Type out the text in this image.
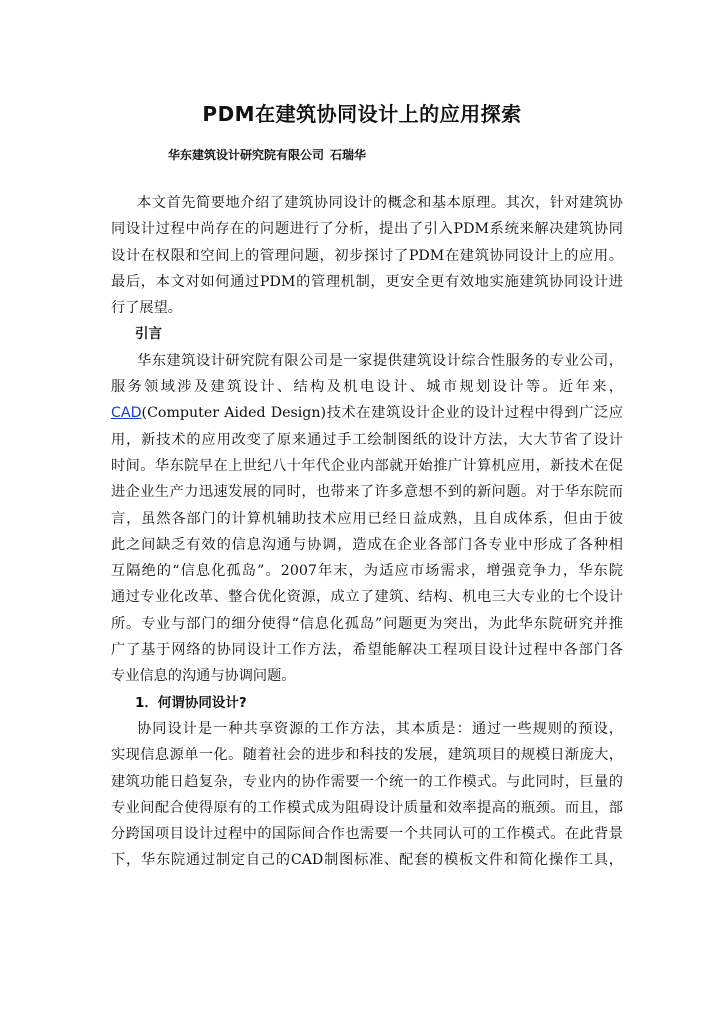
PDM在建筑协同设计上的应用探索
华东建筑设计研究院有限公司 石瑞华
本文首先简要地介绍了建筑协同设计的概念和基本原理。其次，针对建筑协
同设计过程中尚存在的问题进行了分析，提出了引入PDM系统来解决建筑协同
设计在权限和空间上的管理问题，初步探讨了PDM在建筑协同设计上的应用。
最后，本文对如何通过PDM的管理机制，更安全更有效地实施建筑协同设计进
行了展望。
引言
华东建筑设计研究院有限公司是一家提供建筑设计综合性服务的专业公司，
服务领域涉及建筑设计、结构及机电设计、城市规划设计等。近年来，
CAD(Computer Aided Design)技术在建筑设计企业的设计过程中得到广泛应
用，新技术的应用改变了原来通过手工绘制图纸的设计方法，大大节省了设计
时间。华东院早在上世纪八十年代企业内部就开始推广计算机应用，新技术在促
进企业生产力迅速发展的同时，也带来了许多意想不到的新问题。对于华东院而
言，虽然各部门的计算机辅助技术应用已经日益成熟，且自成体系，但由于彼
此之间缺乏有效的信息沟通与协调，造成在企业各部门各专业中形成了各种相
互隔绝的“信息化孤岛”。2007年末，为适应市场需求，增强竞争力，华东院
通过专业化改革、整合优化资源，成立了建筑、结构、机电三大专业的七个设计
所。专业与部门的细分使得“信息化孤岛”问题更为突出，为此华东院研究并推
广了基于网络的协同设计工作方法，希望能解决工程项目设计过程中各部门各
专业信息的沟通与协调问题。
1．何谓协同设计?
协同设计是一种共享资源的工作方法，其本质是：通过一些规则的预设，
实现信息源单一化。随着社会的进步和科技的发展，建筑项目的规模日渐庞大，
建筑功能日趋复杂，专业内的协作需要一个统一的工作模式。与此同时，巨量的
专业间配合使得原有的工作模式成为阻碍设计质量和效率提高的瓶颈。而且，部
分跨国项目设计过程中的国际间合作也需要一个共同认可的工作模式。在此背景
下，华东院通过制定自己的CAD制图标准、配套的模板文件和简化操作工具，
